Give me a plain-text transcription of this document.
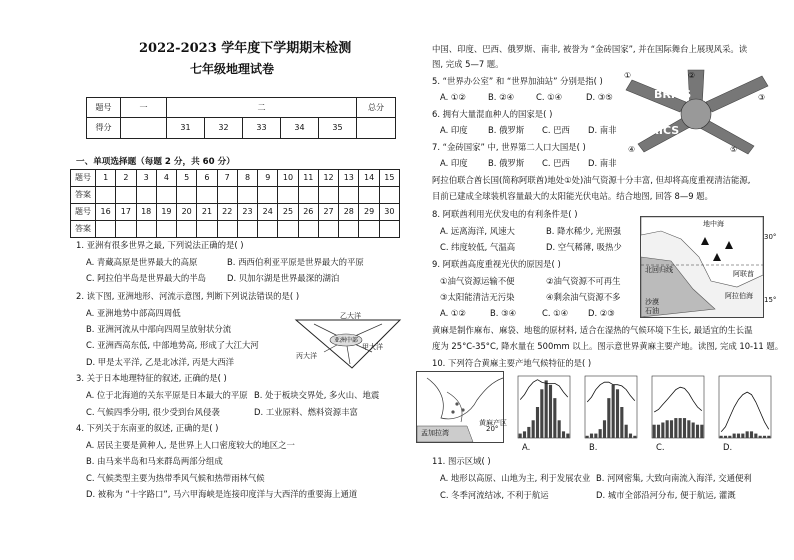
2022-2023 学年度下学期期末检测
七年级地理试卷
题号	一	二					总分
得分		31	32	33	34	35	
一、单项选择题（每题 2 分，共 60 分）
题号	1	2	3	4	5	6	7	8	9	10	11	12	13	14	15
答案															
题号	16	17	18	19	20	21	22	23	24	25	26	27	28	29	30
答案															
1. 亚洲有很多世界之最, 下列说法正确的是( )
A. 青藏高原是世界最大的高原	B. 西西伯利亚平原是世界最大的平原
C. 阿拉伯半岛是世界最大的半岛 D. 贝加尔湖是世界最深的湖泊
2. 读下图, 亚洲地形、河流示意图, 判断下列说法错误的是( )
A. 亚洲地势中部高四周低
B. 亚洲河流从中部向四周呈放射状分流
C. 亚洲西高东低, 中部地势高, 形成了大江大河
D. 甲是太平洋, 乙是北冰洋, 丙是大西洋
亚洲中部
乙大洋
甲大洋
丙大洋
3. 关于日本地理特征的叙述, 正确的是( )
A. 位于北海道的关东平原是日本最大的平原 B. 处于板块交界处, 多火山、地震
C. 气候四季分明, 很少受到台风侵袭	D. 工业原料、燃料资源丰富
4. 下列关于东南亚的叙述, 正确的是( )
A. 居民主要是黄种人, 是世界上人口密度较大的地区之一
B. 由马来半岛和马来群岛两部分组成
C. 气候类型主要为热带季风气候和热带雨林气候
D. 被称为 “十字路口”, 马六甲海峡是连接印度洋与大西洋的重要海上通道
中国、印度、巴西、俄罗斯、南非, 被誉为 “金砖国家”, 并在国际舞台上展现风采。读
图, 完成 5—7 题。
5. “世界办公室” 和 “世界加油站” 分别是指( )
A. ①②	B. ②④	C. ①④	D. ③⑤
6. 拥有大量混血种人的国家是( )
A. 印度 B. 俄罗斯 C. 巴西 D. 南非
7. “金砖国家” 中, 世界第二人口大国是( )
A. 印度 B. 俄罗斯 C. 巴西 D. 南非
BRICS
BRICS
①	②
③
④	⑤
阿拉伯联合酋长国(简称阿联酋)地处①处)油气资源十分丰富, 但却将高度重视清洁能源,
目前已建成全球装机容量最大的太阳能光伏电站。结合地图, 回答 8—9 题。
8. 阿联酋利用光伏发电的有利条件是( )
A. 远离海洋, 风速大	B. 降水稀少, 光照强
C. 纬度较低, 气温高	D. 空气稀薄, 吸热少
9. 阿联酋高度重视光伏的原因是( )
①油气资源运输不便	②油气资源不可再生
③太阳能清洁无污染	④剩余油气资源不多
A. ①②	B. ③④	C. ①④ D. ②③
地中海
北回归线	阿联酋
阿拉伯海
沙漠
石油
30°
15°
黄麻是制作麻布、麻袋、地毯的原材料, 适合在湿热的气候环境下生长, 最适宜的生长温
度为 25°C-35°C, 降水量在 500mm 以上。图示意世界黄麻主要产地。读图, 完成 10-11 题。
10. 下列符合黄麻主要产地气候特征的是( )
孟加拉湾
黄麻产区
20°
A.	B.	C.	D.
11. 图示区域( )
A. 地形以高原、山地为主, 利于发展农业 B. 河网密集, 大致向南流入海洋, 交通便利
C. 冬季河流结冰, 不利于航运	D. 城市全部沿河分布, 便于航运, 灌溉
